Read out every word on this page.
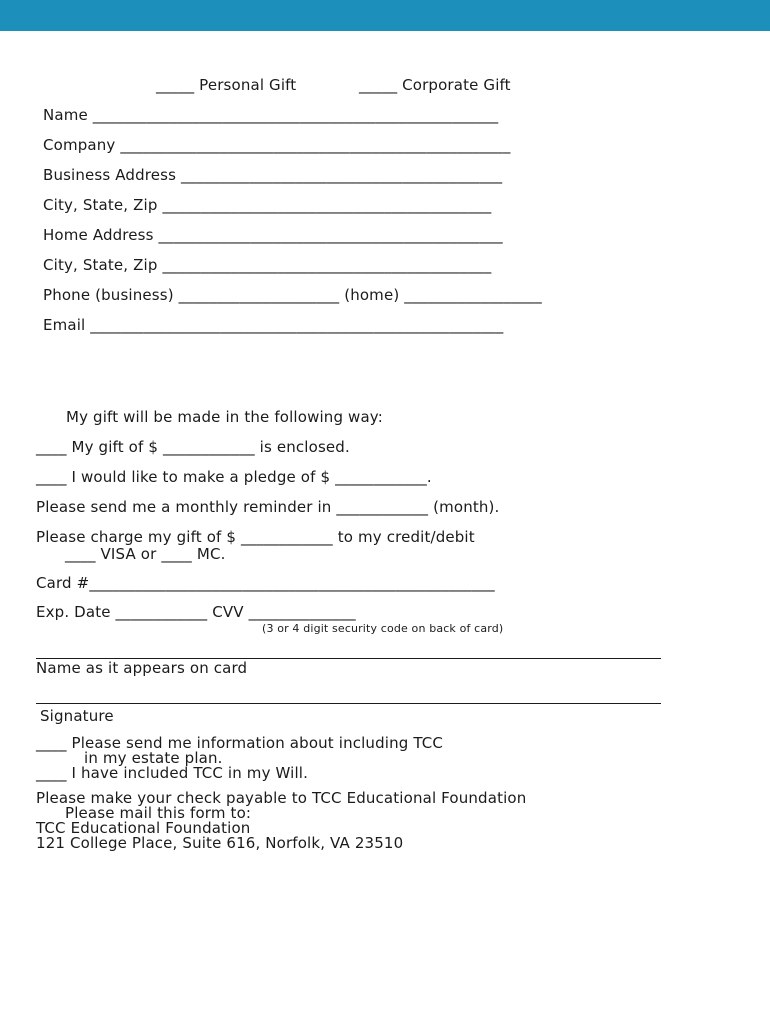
_____ Personal Gift	_____ Corporate Gift
Name _____________________________________________________
Company ___________________________________________________
Business Address __________________________________________
City, State, Zip ___________________________________________
Home Address _____________________________________________
City, State, Zip ___________________________________________
Phone (business) _____________________ (home) __________________
Email ______________________________________________________
My gift will be made in the following way:
____ My gift of $ ____________ is enclosed.
____ I would like to make a pledge of $ ____________.
Please send me a monthly reminder in ____________ (month).
Please charge my gift of $ ____________ to my credit/debit
____ VISA or ____ MC.
Card #_____________________________________________________
Exp. Date ____________ CVV ______________
(3 or 4 digit security code on back of card)
Name as it appears on card
Signature
____ Please send me information about including TCC
in my estate plan.
____ I have included TCC in my Will.
Please make your check payable to TCC Educational Foundation
Please mail this form to:
TCC Educational Foundation
121 College Place, Suite 616, Norfolk, VA 23510
